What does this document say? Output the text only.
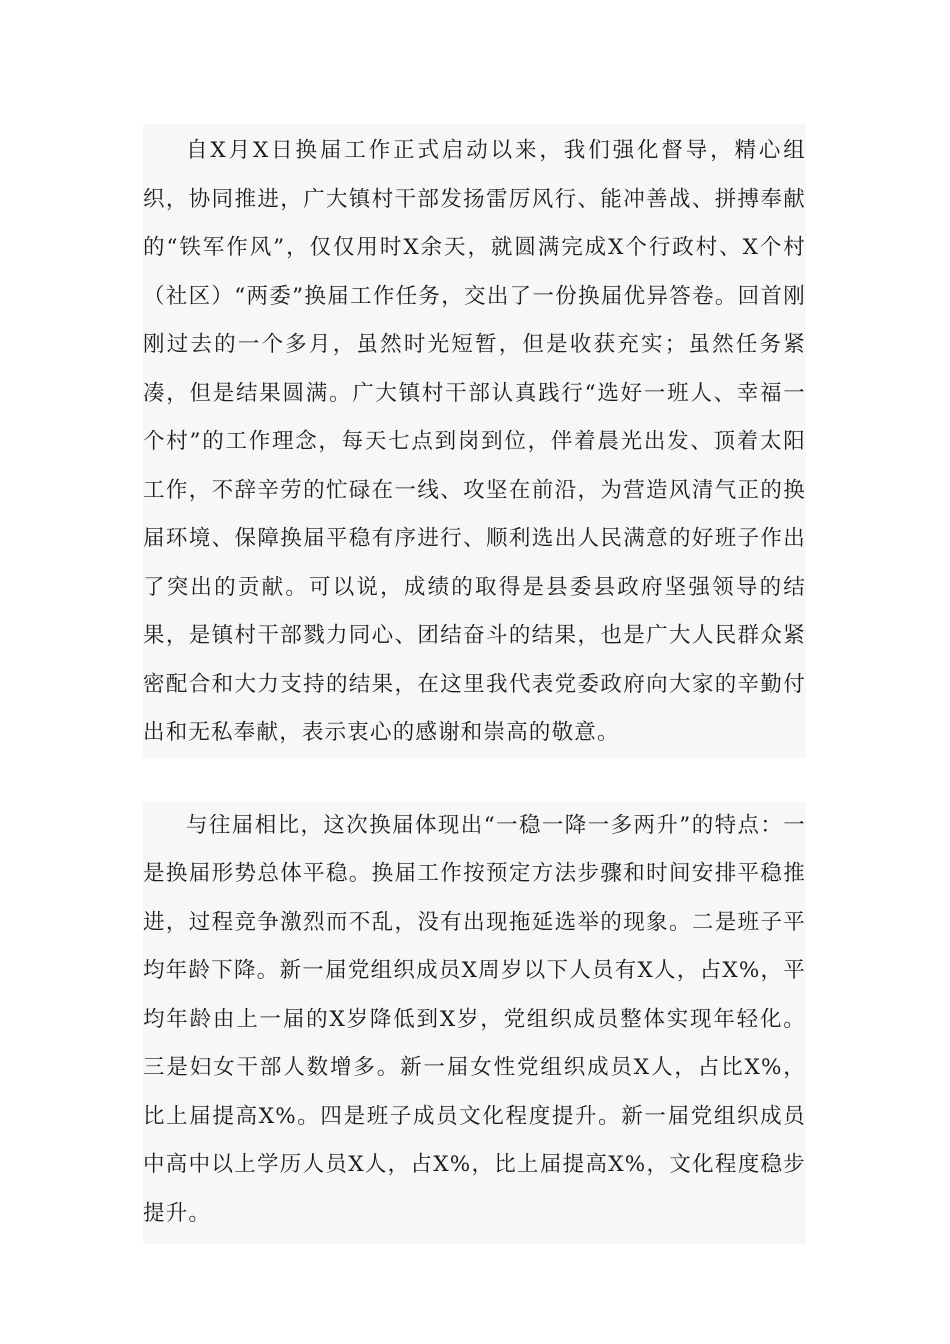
自X月X日换届工作正式启动以来，我们强化督导，精心组织，协同推进，广大镇村干部发扬雷厉风行、能冲善战、拼搏奉献的“铁军作风”，仅仅用时X余天，就圆满完成X个行政村、X个村（社区）“两委”换届工作任务，交出了一份换届优异答卷。回首刚刚过去的一个多月，虽然时光短暂，但是收获充实；虽然任务紧凑，但是结果圆满。广大镇村干部认真践行“选好一班人、幸福一个村”的工作理念，每天七点到岗到位，伴着晨光出发、顶着太阳工作，不辞辛劳的忙碌在一线、攻坚在前沿，为营造风清气正的换届环境、保障换届平稳有序进行、顺利选出人民满意的好班子作出了突出的贡献。可以说，成绩的取得是县委县政府坚强领导的结果，是镇村干部戮力同心、团结奋斗的结果，也是广大人民群众紧密配合和大力支持的结果，在这里我代表党委政府向大家的辛勤付出和无私奉献，表示衷心的感谢和崇高的敬意。

与往届相比，这次换届体现出“一稳一降一多两升”的特点：一是换届形势总体平稳。换届工作按预定方法步骤和时间安排平稳推进，过程竞争激烈而不乱，没有出现拖延选举的现象。二是班子平均年龄下降。新一届党组织成员X周岁以下人员有X人，占X%，平均年龄由上一届的X岁降低到X岁，党组织成员整体实现年轻化。三是妇女干部人数增多。新一届女性党组织成员X人，占比X%，比上届提高X%。四是班子成员文化程度提升。新一届党组织成员中高中以上学历人员X人，占X%，比上届提高X%，文化程度稳步提升。
